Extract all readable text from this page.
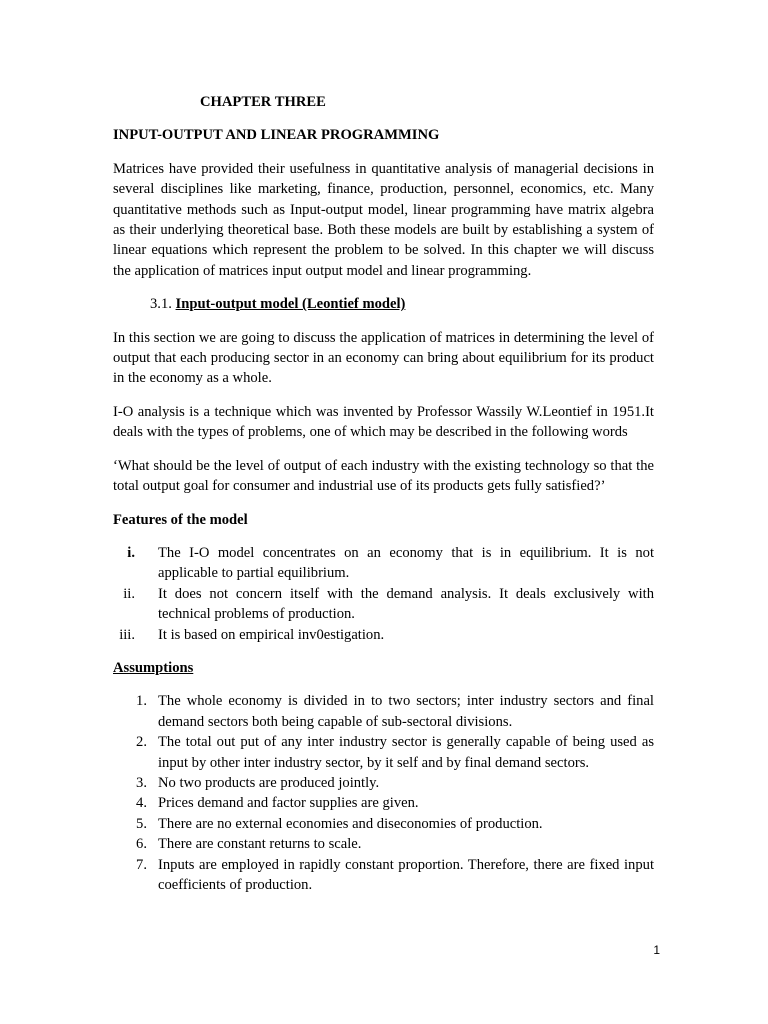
CHAPTER THREE
INPUT-OUTPUT AND LINEAR PROGRAMMING

Matrices have provided their usefulness in quantitative analysis of managerial decisions in several disciplines like marketing, finance, production, personnel, economics, etc. Many quantitative methods such as Input-output model, linear programming have matrix algebra as their underlying theoretical base. Both these models are built by establishing a system of linear equations which represent the problem to be solved. In this chapter we will discuss the application of matrices input output model and linear programming.

3.1. Input-output model (Leontief model)

In this section we are going to discuss the application of matrices in determining the level of output that each producing sector in an economy can bring about equilibrium for its product in the economy as a whole.

I-O analysis is a technique which was invented by Professor Wassily W.Leontief in 1951.It deals with the types of problems, one of which may be described in the following words

‘What should be the level of output of each industry with the existing technology so that the total output goal for consumer and industrial use of its products gets fully satisfied?’

Features of the model
i. The I-O model concentrates on an economy that is in equilibrium. It is not applicable to partial equilibrium.
ii. It does not concern itself with the demand analysis. It deals exclusively with technical problems of production.
iii. It is based on empirical inv0estigation.
Assumptions
1. The whole economy is divided in to two sectors; inter industry sectors and final demand sectors both being capable of sub-sectoral divisions.
2. The total out put of any inter industry sector is generally capable of being used as input by other inter industry sector, by it self and by final demand sectors.
3. No two products are produced jointly.
4. Prices demand and factor supplies are given.
5. There are no external economies and diseconomies of production.
6. There are constant returns to scale.
7. Inputs are employed in rapidly constant proportion. Therefore, there are fixed input coefficients of production.
1
